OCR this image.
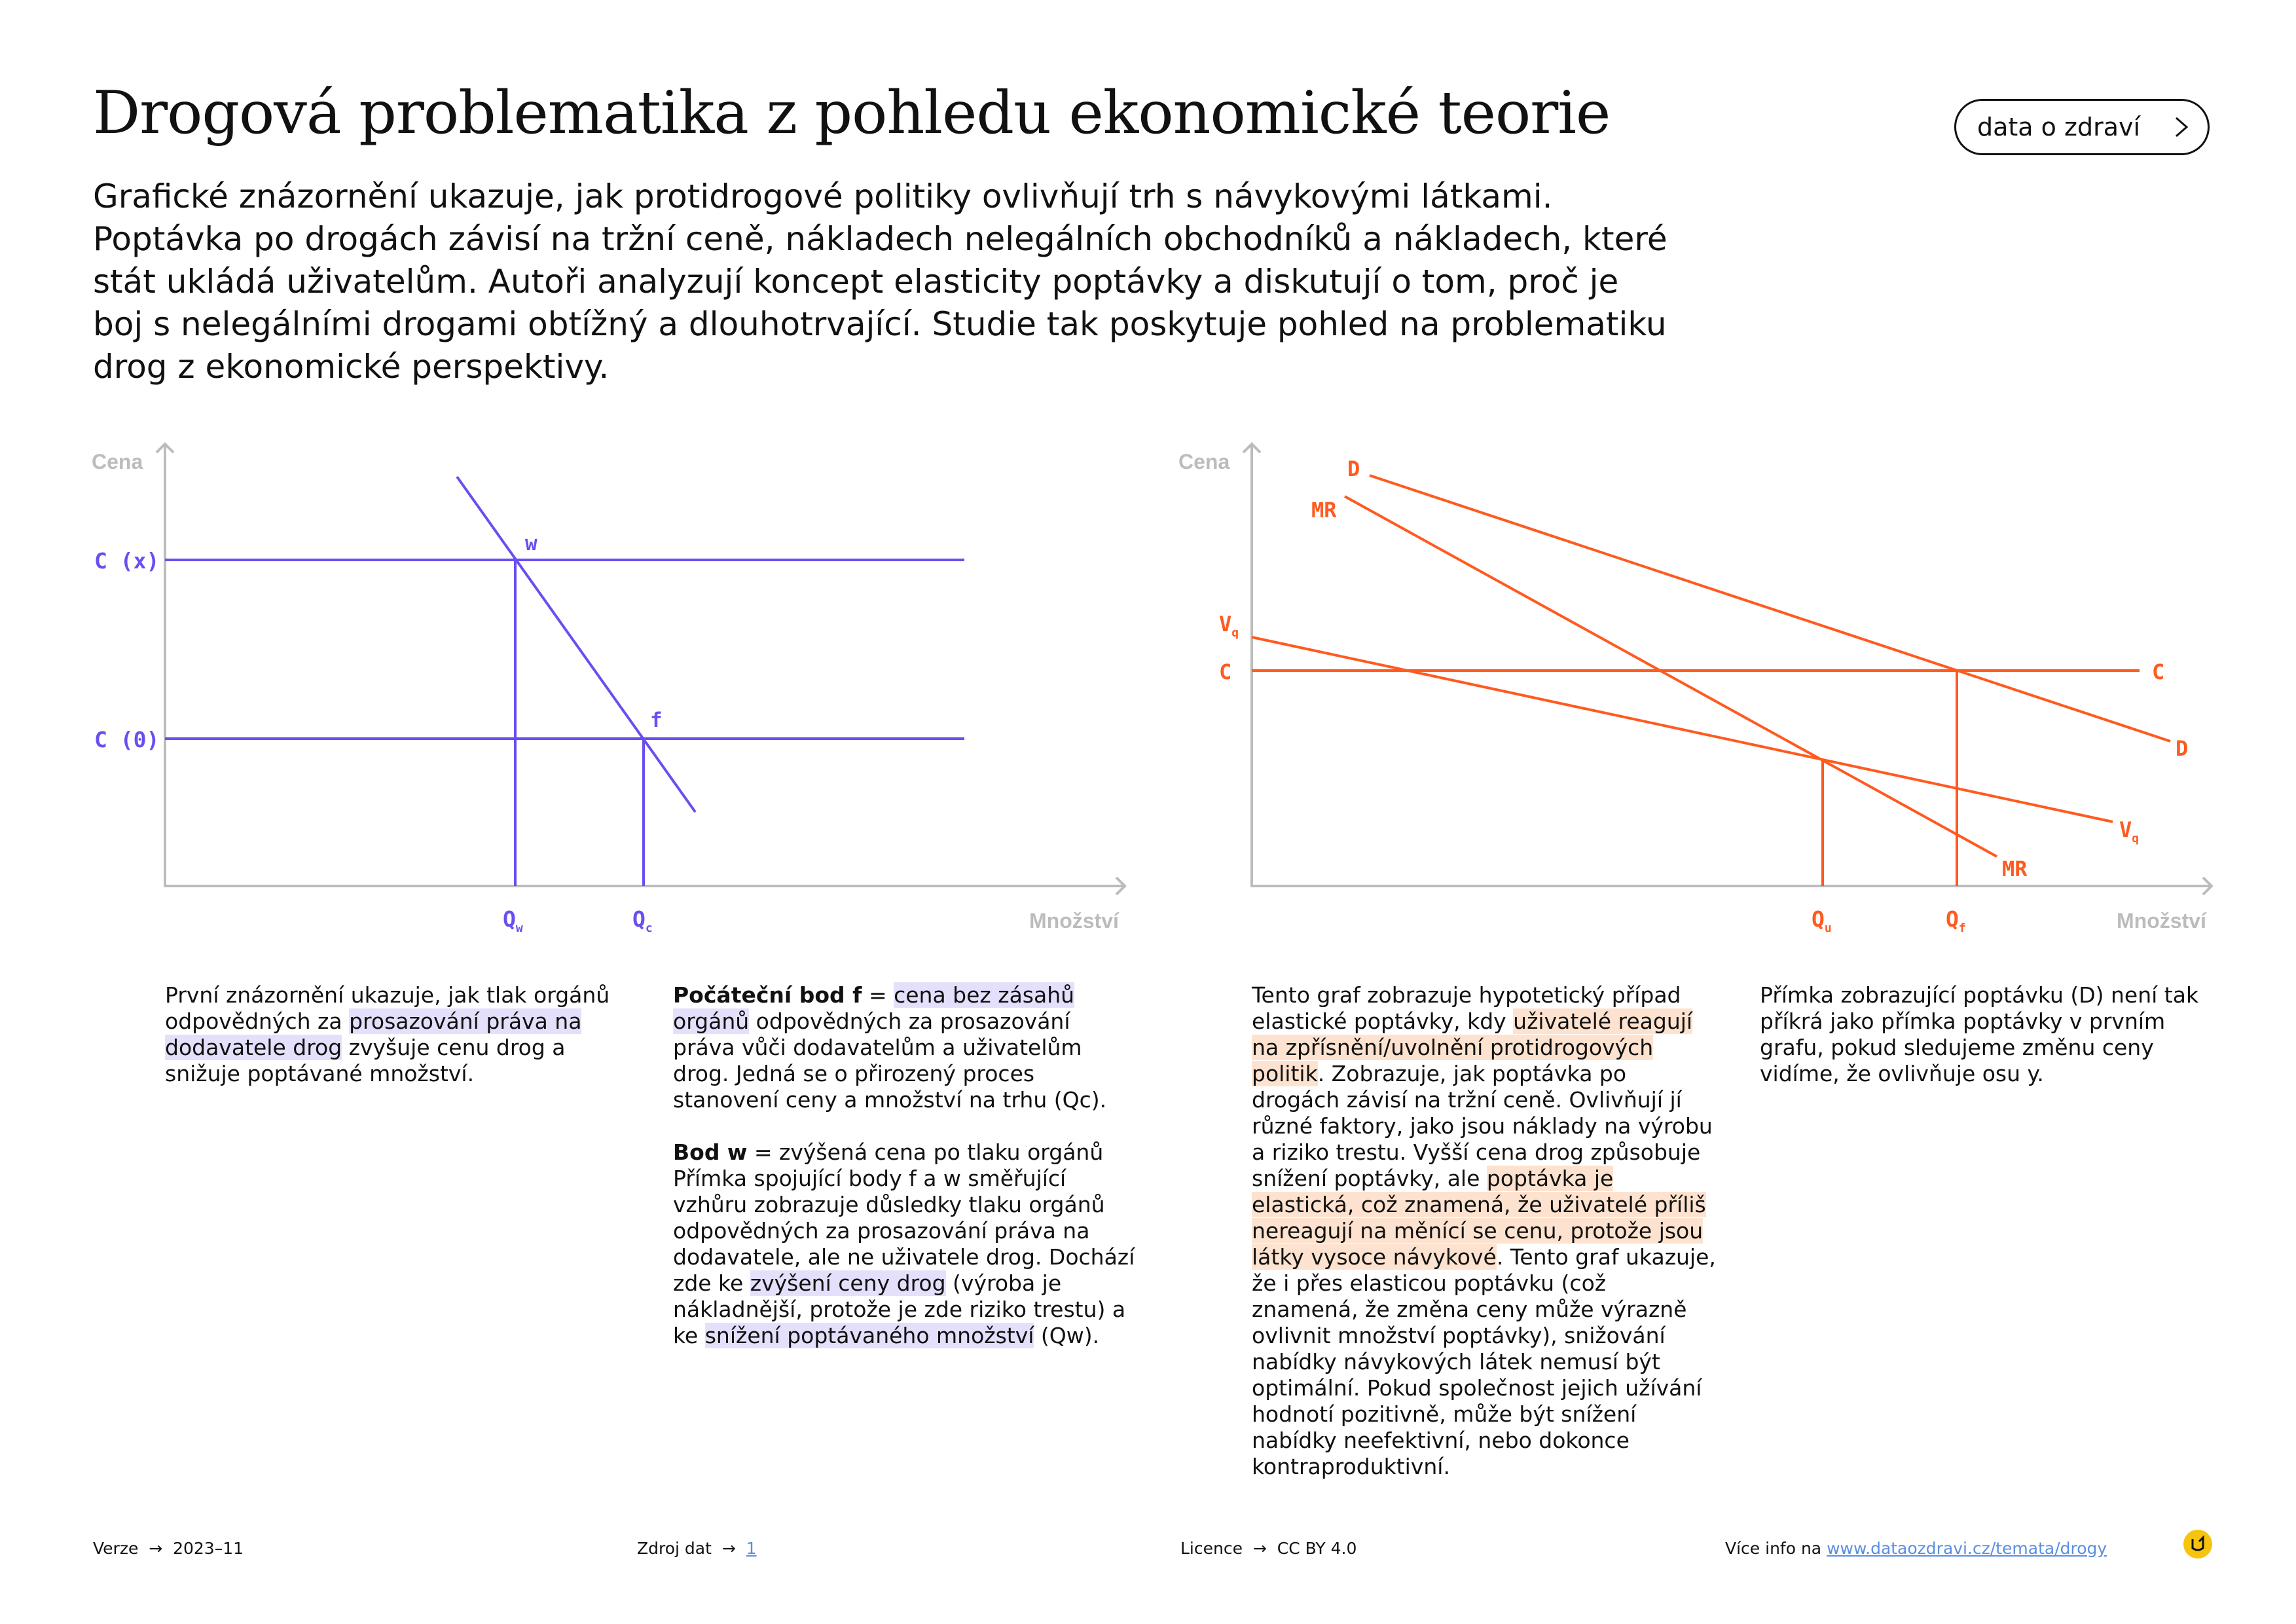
Drogová problematika z pohledu ekonomické teorie	data o zdraví
Grafické znázornění ukazuje, jak protidrogové politiky ovlivňují trh s návykovými látkami. Poptávka po drogách závisí na tržní ceně, nákladech nelegálních obchodníků a nákladech, které stát ukládá uživatelům. Autoři analyzují koncept elasticity poptávky a diskutují o tom, proč je boj s nelegálními drogami obtížný a dlouhotrvající. Studie tak poskytuje pohled na problematiku drog z ekonomické perspektivy.
Cena
Množství
C (x)
C (0)
w
f
$Q_w$	$Q_c$
Cena
Množství
D
MR
$V_q$
C	C
D
$V_q$
MR
$Q_u$	$Q_f$
První znázornění ukazuje, jak tlak orgánů odpovědných za prosazování práva na dodavatele drog zvyšuje cenu drog a snižuje poptávané množství.
Počáteční bod f = cena bez zásahů orgánů odpovědných za prosazování práva vůči dodavatelům a uživatelům drog. Jedná se o přirozený proces stanovení ceny a množství na trhu (Qc).
Bod w = zvýšená cena po tlaku orgánů
Přímka spojující body f a w směřující vzhůru zobrazuje důsledky tlaku orgánů odpovědných za prosazování práva na dodavatele, ale ne uživatele drog. Dochází zde ke zvýšení ceny drog (výroba je nákladnější, protože je zde riziko trestu) a ke snížení poptávaného množství (Qw).
Tento graf zobrazuje hypotetický případ elastické poptávky, kdy uživatelé reagují na zpřísnění/uvolnění protidrogových politik. Zobrazuje, jak poptávka po drogách závisí na tržní ceně. Ovlivňují jí různé faktory, jako jsou náklady na výrobu a riziko trestu. Vyšší cena drog způsobuje snížení poptávky, ale poptávka je elastická, což znamená, že uživatelé příliš nereagují na měnící se cenu, protože jsou látky vysoce návykové. Tento graf ukazuje, že i přes elasticou poptávku (což znamená, že změna ceny může výrazně ovlivnit množství poptávky), snižování nabídky návykových látek nemusí být optimální. Pokud společnost jejich užívání hodnotí pozitivně, může být snížení nabídky neefektivní, nebo dokonce kontraproduktivní.
Přímka zobrazující poptávku (D) není tak příkrá jako přímka poptávky v prvním grafu, pokud sledujeme změnu ceny vidíme, že ovlivňuje osu y.
Verze → 2023–11	Zdroj dat → 1	Licence → CC BY 4.0	Více info na www.dataozdravi.cz/temata/drogy
